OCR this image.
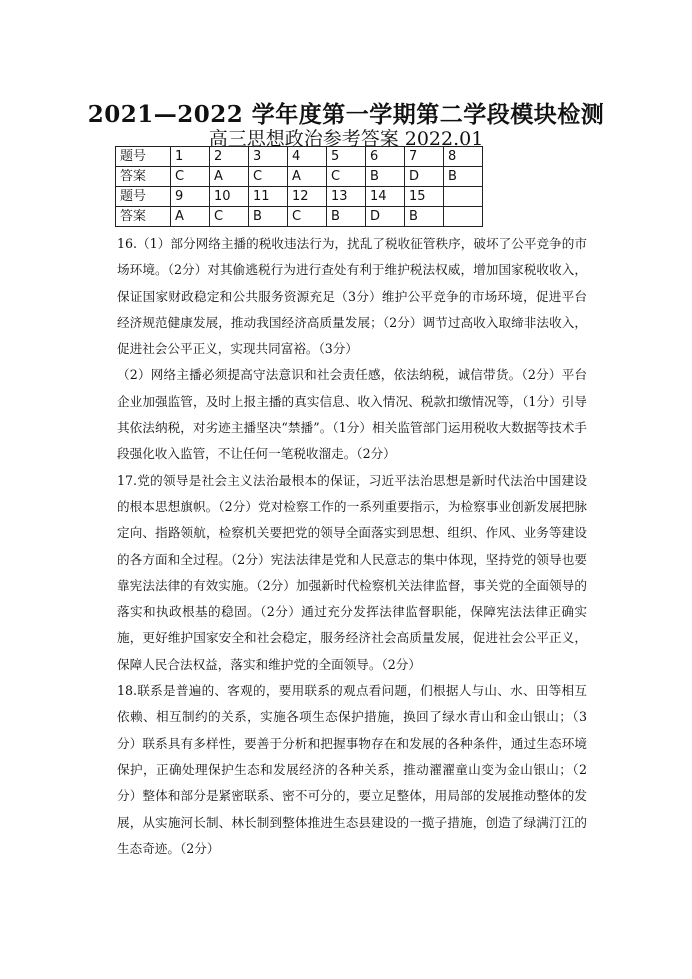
2021—2022 学年度第一学期第二学段模块检测
高三思想政治参考答案 2022.01
题号	1	2	3	4	5	6	7	8
答案	C	A	C	A	C	B	D	B
题号	9	10	11	12	13	14	15	
答案	A	C	B	C	B	D	B	

16.（1）部分网络主播的税收违法行为，扰乱了税收征管秩序，破坏了公平竞争的市场环境。（2分）对其偷逃税行为进行查处有利于维护税法权威，增加国家税收收入，保证国家财政稳定和公共服务资源充足（3分）维护公平竞争的市场环境，促进平台经济规范健康发展，推动我国经济高质量发展；（2分）调节过高收入取缔非法收入，促进社会公平正义，实现共同富裕。（3分）

（2）网络主播必须提高守法意识和社会责任感，依法纳税，诚信带货。（2分）平台企业加强监管，及时上报主播的真实信息、收入情况、税款扣缴情况等，（1分）引导其依法纳税，对劣迹主播坚决“禁播”。（1分）相关监管部门运用税收大数据等技术手段强化收入监管，不让任何一笔税收溜走。（2分）

17.党的领导是社会主义法治最根本的保证，习近平法治思想是新时代法治中国建设的根本思想旗帜。（2分）党对检察工作的一系列重要指示，为检察事业创新发展把脉定向、指路领航，检察机关要把党的领导全面落实到思想、组织、作风、业务等建设的各方面和全过程。（2分）宪法法律是党和人民意志的集中体现，坚持党的领导也要靠宪法法律的有效实施。（2分）加强新时代检察机关法律监督，事关党的全面领导的落实和执政根基的稳固。（2分）通过充分发挥法律监督职能，保障宪法法律正确实施，更好维护国家安全和社会稳定，服务经济社会高质量发展，促进社会公平正义，保障人民合法权益，落实和维护党的全面领导。（2分）

18.联系是普遍的、客观的，要用联系的观点看问题，们根据人与山、水、田等相互依赖、相互制约的关系，实施各项生态保护措施，换回了绿水青山和金山银山；（3分）联系具有多样性，要善于分析和把握事物存在和发展的各种条件，通过生态环境保护，正确处理保护生态和发展经济的各种关系，推动濯濯童山变为金山银山；（2分）整体和部分是紧密联系、密不可分的，要立足整体，用局部的发展推动整体的发展，从实施河长制、林长制到整体推进生态县建设的一揽子措施，创造了绿满汀江的生态奇迹。（2分）
